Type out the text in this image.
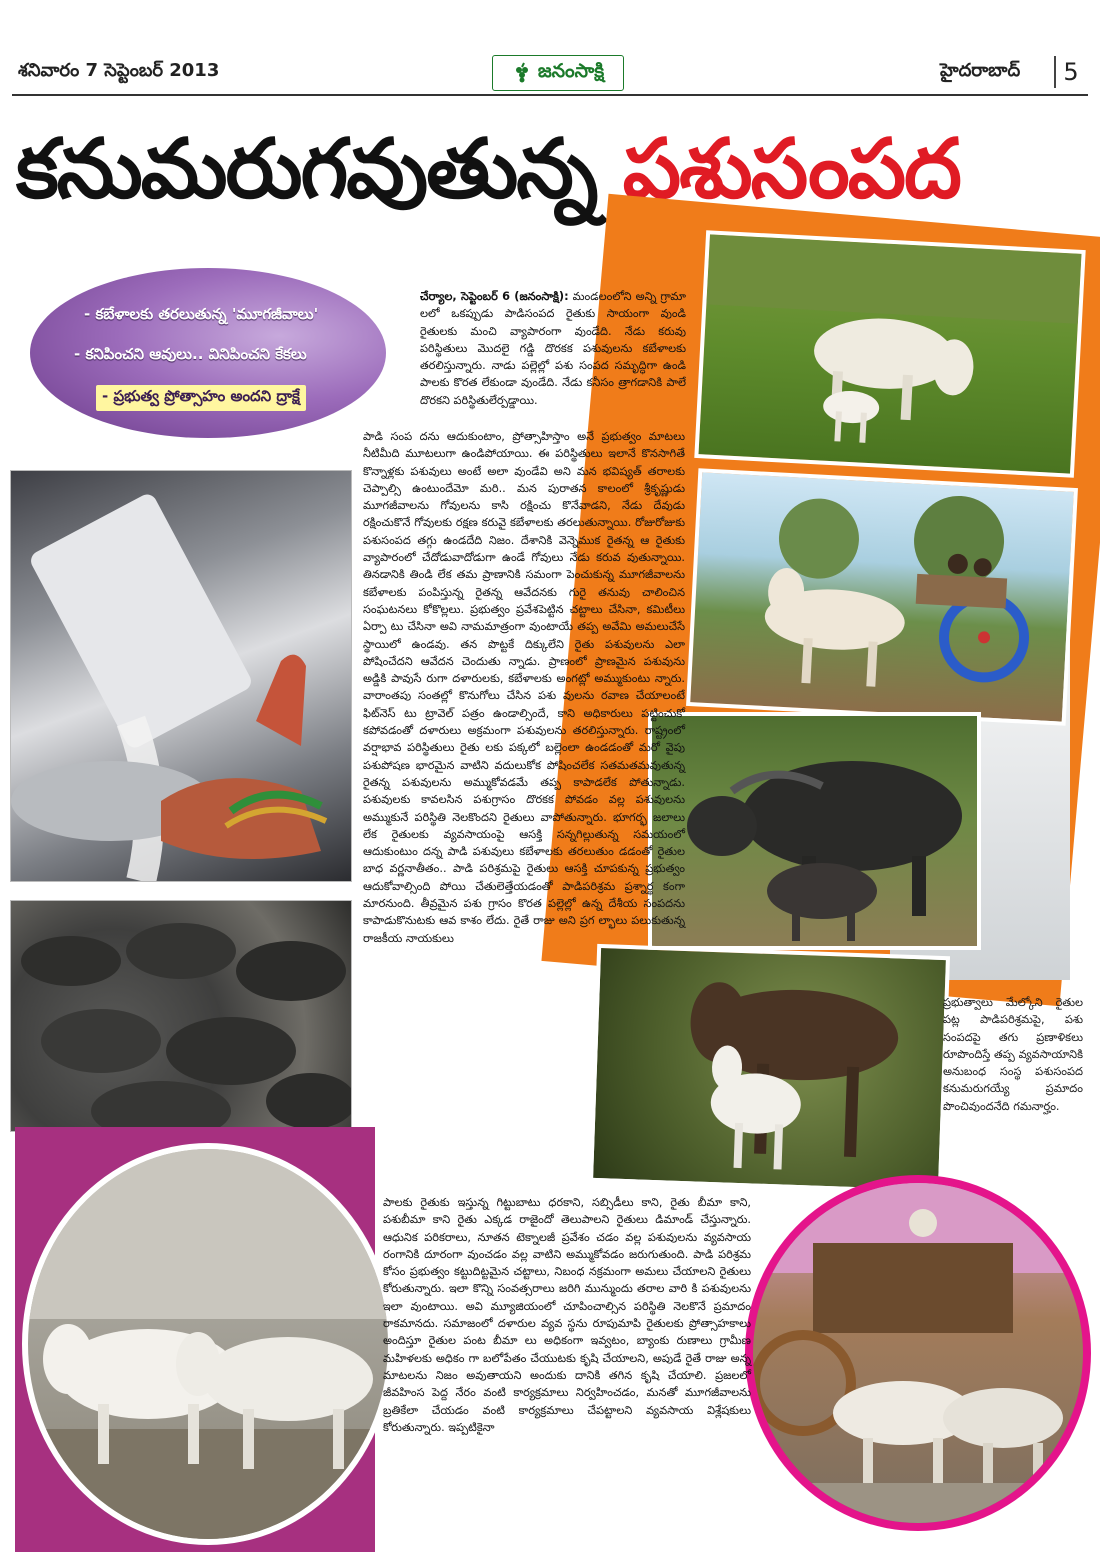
శనివారం 7 సెప్టెంబర్ 2013	జనంసాక్షి	హైదరాబాద్	5
కనుమరుగవుతున్న పశుసంపద
- కబేళాలకు తరలుతున్న 'మూగజీవాలు'
- కనిపించని ఆవులు.. వినిపించని కేకలు
- ప్రభుత్వ ప్రోత్సాహం అందని ద్రాక్షే

చేర్యాల, సెప్టెంబర్ 6 (జనంసాక్షి): మండలంలోని అన్ని గ్రామా లలో ఒకప్పుడు పాడిసంపద రైతుకు సాయంగా వుండి రైతులకు మంచి వ్యాపారంగా వుండేది. నేడు కరువు పరిస్థితులు మొదలై గడ్డి దొరకక పశువులను కబేళాలకు తరలిస్తున్నారు. నాడు పల్లెల్లో పశు సంపద సమృద్ధిగా ఉండి పాలకు కొరత లేకుండా వుండేది. నేడు కనీసం త్రాగడానికి పాలే దొరకని పరిస్థితులేర్పడ్డాయి.

పాడి సంప దను ఆదుకుంటాం, ప్రోత్సాహిస్తాం అనే ప్రభుత్వం మాటలు నీటిమీది మూటలుగా ఉండిపోయాయి. ఈ పరిస్థితులు ఇలానే కొనసాగితే కొన్నాళ్లకు పశువులు అంటే అలా వుండేవి అని మన భవిష్యత్ తరాలకు చెప్పాల్సి ఉంటుందేమో మరి.. మన పురాతన కాలంలో శ్రీకృష్ణుడు మూగజీవాలను గోవులను కాసి రక్షించు కొనేవాడని, నేడు దేవుడు రక్షించుకొనే గోవులకు రక్షణ కరువై కబేళాలకు తరలుతున్నాయి. రోజురోజుకు పశుసంపద తగ్గు ఉండదేది నిజం. దేశానికి వెన్నెముక రైతన్న ఆ రైతుకు వ్యాపారంలో చేదోడువాదోడుగా ఉండే గోవులు నేడు కరువ వుతున్నాయి. తినడానికి తిండి లేక తమ ప్రాణానికి సమంగా పెంచుకున్న మూగజీవాలను కబేళాలకు పంపిస్తున్న రైతన్న ఆవేదనకు గురై తనువు చాలించిన సంఘటనలు కోకొల్లలు. ప్రభుత్వం ప్రవేశపెట్టిన చట్టాలు చేసినా, కమిటీలు ఏర్పా టు చేసినా అవి నామమాత్రంగా వుంటాయే తప్ప అవేమి అమలుచేసే స్థాయిలో ఉండవు. తన పొట్టకే దిక్కులేని రైతు పశువులను ఎలా పోషించేదని ఆవేదన చెందుతు న్నాడు. ప్రాణంలో ప్రాణమైన పశువును అడ్డికి పావుసే రుగా దళారులకు, కబేళాలకు అంగట్లో అమ్ముకుంటు న్నారు. వారాంతపు సంతల్లో కొనుగోలు చేసిన పశు వులను రవాణ చేయాలంటే ఫిట్‌నెస్ టు ట్రావెల్ పత్రం ఉండాల్సిందే, కాని అధికారులు పట్టించుకో కపోవడంతో దళారులు అక్రమంగా పశువులను తరలిస్తున్నారు. రాష్ట్రంలో వర్షాభావ పరిస్థితులు రైతు లకు పక్కలో బల్లెంలా ఉండడంతో మరో వైపు పశుపోషణ భారమైన వాటిని వదులుకోక పోషించలేక సతమతమవుతున్న రైతన్న పశువులను అమ్ముకోవడమే తప్ప కాపాడలేక పోతున్నాడు. పశువులకు కావలసిన పశుగ్రాసం దొరకక పోవడం వల్ల పశువులను అమ్ముకునే పరిస్థితి నెలకొందని రైతులు వాపోతున్నారు. భూగర్భ జలాలు లేక రైతులకు వ్యవసాయంపై ఆసక్తి సన్నగిల్లుతున్న సమయంలో ఆదుకుంటుం దన్న పాడి పశువులు కబేళాలకు తరలుతుం డడంతో రైతుల బాధ వర్ణనాతీతం.. పాడి పరిశ్రమపై రైతులు ఆసక్తి చూపకున్న ప్రభుత్వం ఆదుకోవాల్సింది పోయి చేతులెత్తేయడంతో పాడిపరిశ్రమ ప్రశ్నార్థ కంగా మారనుంది. తీవ్రమైన పశు గ్రాసం కొరత పల్లెల్లో ఉన్న దేశీయ సంపదను కాపాడుకొనుటకు ఆవ కాశం లేదు. రైతే రాజు అని ప్రగ ల్భాలు పలుకుతున్న రాజకీయ నాయకులు

పాలకు రైతుకు ఇస్తున్న గిట్టుబాటు ధరకాని, సబ్సిడీలు కాని, రైతు బీమా కాని, పశుబీమా కాని రైతు ఎక్కడ రాజైందో తెలుపాలని రైతులు డిమాండ్ చేస్తున్నారు. ఆధునిక పరికరాలు, నూతన టెక్నాలజీ ప్రవేశం చడం వల్ల పశువులను వ్యవసాయ రంగానికి దూరంగా వుంచడం వల్ల వాటిని అమ్ముకోవడం జరుగుతుంది. పాడి పరిశ్రమ కోసం ప్రభుత్వం కట్టుదిట్టమైన చట్టాలు, నిబంధ నక్రమంగా అమలు చేయాలని రైతులు కోరుతున్నారు. ఇలా కొన్ని సంవత్సరాలు జరిగి మున్ముందు తరాల వారి కి పశువులను ఇలా వుంటాయి. అవి మ్యూజియంలో చూపించాల్సిన పరిస్థితి నెలకొనే ప్రమాదం రాకమానదు. సమాజంలో దళారుల వ్యవ స్థను రూపుమాపి రైతులకు ప్రోత్సాహకాలు అందిస్తూ రైతుల పంట బీమా లు అధికంగా ఇవ్వటం, బ్యాంకు రుణాలు గ్రామీణ మహిళలకు అధికం గా బలోపేతం చేయుటకు కృషి చేయాలని, అపుడే రైతే రాజు అన్న మాటలను నిజం అవుతాయని అందుకు దానికి తగిన కృషి చేయాలి. ప్రజలలో జీవహింస పెద్ద నేరం వంటి కార్యక్రమాలు నిర్వహించడం, మనతో మూగజీవాలను బ్రతికేలా చేయడం వంటి కార్యక్రమాలు చేపట్టాలని వ్యవసాయ విశ్లేషకులు కోరుతున్నారు. ఇప్పటికైనా

ప్రభుత్వాలు మేల్కోని రైతుల పట్ల పాడిపరిశ్రమపై, పశు సంపదపై తగు ప్రణాళికలు రూపొందిస్తే తప్ప వ్యవసాయానికి అనుబంధ సంస్థ పశుసంపద కనుమరుగయ్యే ప్రమాదం పొంచివుందనేది గమనార్హం.
